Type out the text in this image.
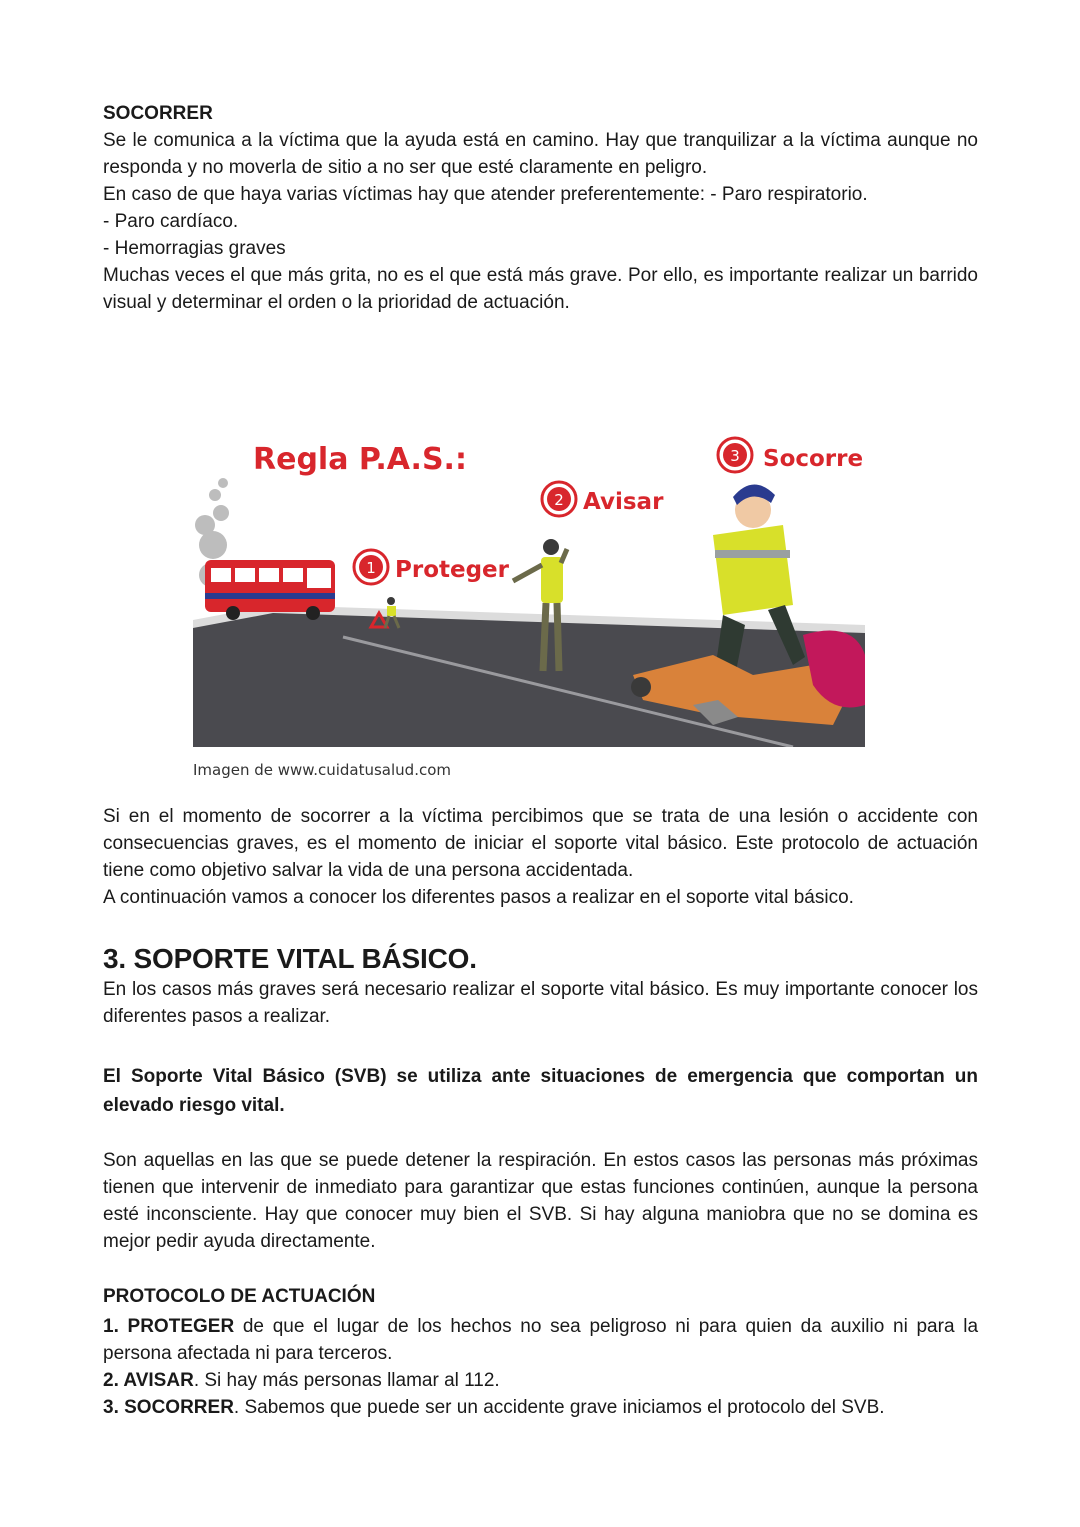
SOCORRER
Se le comunica a la víctima que la ayuda está en camino. Hay que tranquilizar a la víctima aunque no responda y no moverla de sitio a no ser que esté claramente en peligro.
En caso de que haya varias víctimas hay que atender preferentemente: - Paro respiratorio.
- Paro cardíaco.
- Hemorragias graves
Muchas veces el que más grita, no es el que está más grave. Por ello, es importante realizar un barrido visual y determinar el orden o la prioridad de actuación.
Regla P.A.S.:
1 Proteger
2 Avisar
3 Socorrer
Imagen de www.cuidatusalud.com
Si en el momento de socorrer a la víctima percibimos que se trata de una lesión o accidente con consecuencias graves, es el momento de iniciar el soporte vital básico. Este protocolo de actuación tiene como objetivo salvar la vida de una persona accidentada.
A continuación vamos a conocer los diferentes pasos a realizar en el soporte vital básico.
3. SOPORTE VITAL BÁSICO.
En los casos más graves será necesario realizar el soporte vital básico. Es muy importante conocer los diferentes pasos a realizar.
El Soporte Vital Básico (SVB) se utiliza ante situaciones de emergencia que comportan un elevado riesgo vital.
Son aquellas en las que se puede detener la respiración. En estos casos las personas más próximas tienen que intervenir de inmediato para garantizar que estas funciones continúen, aunque la persona esté inconsciente. Hay que conocer muy bien el SVB. Si hay alguna maniobra que no se domina es mejor pedir ayuda directamente.
PROTOCOLO DE ACTUACIÓN
1. PROTEGER de que el lugar de los hechos no sea peligroso ni para quien da auxilio ni para la persona afectada ni para terceros.
2. AVISAR. Si hay más personas llamar al 112.
3. SOCORRER. Sabemos que puede ser un accidente grave iniciamos el protocolo del SVB.
